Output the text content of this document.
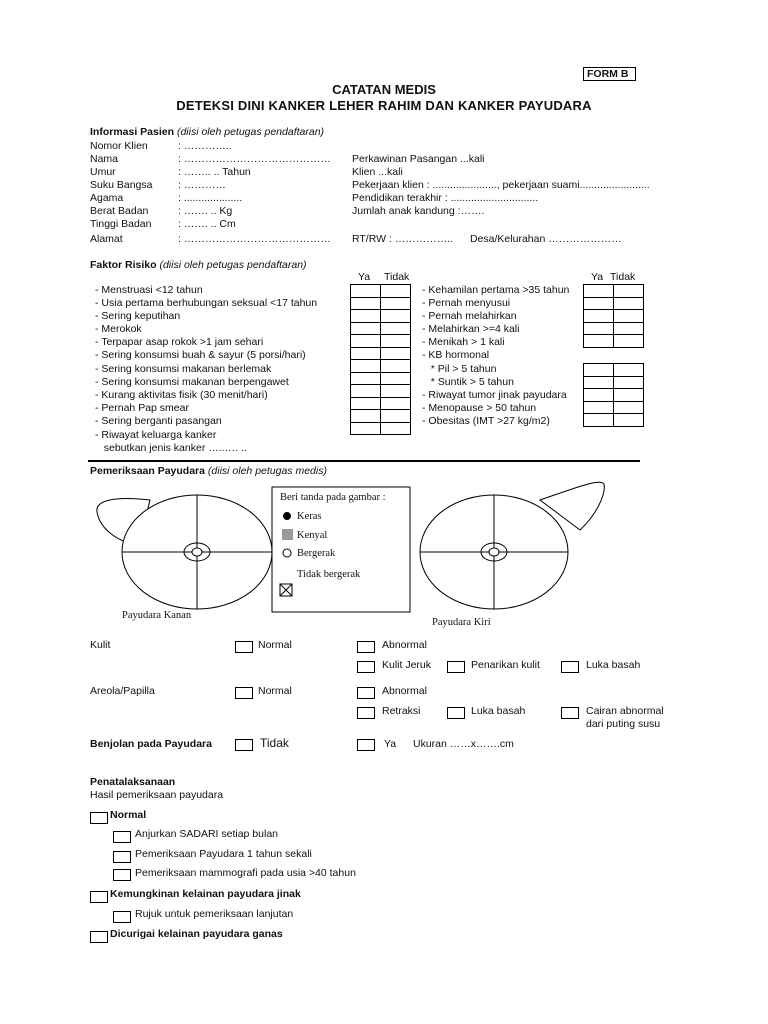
FORM B
CATATAN MEDIS
DETEKSI DINI KANKER LEHER RAHIM DAN KANKER PAYUDARA
Informasi Pasien (diisi oleh petugas pendaftaran)
Nomor Klien	: …………..
Nama	: ……………………………………
Umur	: …….. .. Tahun
Suku Bangsa : …………
Agama	: ....................
Berat Badan	: ……. .. Kg
Tinggi Badan	: ……. .. Cm
Alamat	: ……………………………………
Perkawinan Pasangan ...kali
Klien ...kali
Pekerjaan klien : ......................, pekerjaan suami........................
Pendidikan terakhir : ..............................
Jumlah anak kandung :…….
RT/RW : …………….. Desa/Kelurahan …………………
Faktor Risiko (diisi oleh petugas pendaftaran)
Ya Tidak	Ya Tidak
- Menstruasi <12 tahun
- Usia pertama berhubungan seksual <17 tahun
- Sering keputihan
- Merokok
- Terpapar asap rokok >1 jam sehari
- Sering konsumsi buah & sayur (5 porsi/hari)
- Sering konsumsi makanan berlemak
- Sering konsumsi makanan berpengawet
- Kurang aktivitas fisik (30 menit/hari)
- Pernah Pap smear
- Sering berganti pasangan
- Riwayat keluarga kanker
sebutkan jenis kanker …..…. ..

- Kehamilan pertama >35 tahun
- Pernah menyusui
- Pernah melahirkan
- Melahirkan >=4 kali
- Menikah > 1 kali
- KB hormonal
* Pil > 5 tahun
* Suntik > 5 tahun
- Riwayat tumor jinak payudara
- Menopause > 50 tahun
- Obesitas (IMT >27 kg/m2)

Pemeriksaan Payudara (diisi oleh petugas medis)
Beri tanda pada gambar :
Keras
Kenyal
Bergerak
Tidak bergerak
Payudara Kanan
Payudara Kiri
Kulit	Normal	Abnormal
Kulit Jeruk	Penarikan kulit	Luka basah
Areola/Papilla	Normal	Abnormal
Retraksi	Luka basah	Cairan abnormal
dari puting susu
Benjolan pada Payudara	Tidak	Ya Ukuran ……x…….cm
Penatalaksanaan
Hasil pemeriksaan payudara
Normal
Anjurkan SADARI setiap bulan
Pemeriksaan Payudara 1 tahun sekali
Pemeriksaan mammografi pada usia >40 tahun
Kemungkinan kelainan payudara jinak
Rujuk untuk pemeriksaan lanjutan
Dicurigai kelainan payudara ganas
